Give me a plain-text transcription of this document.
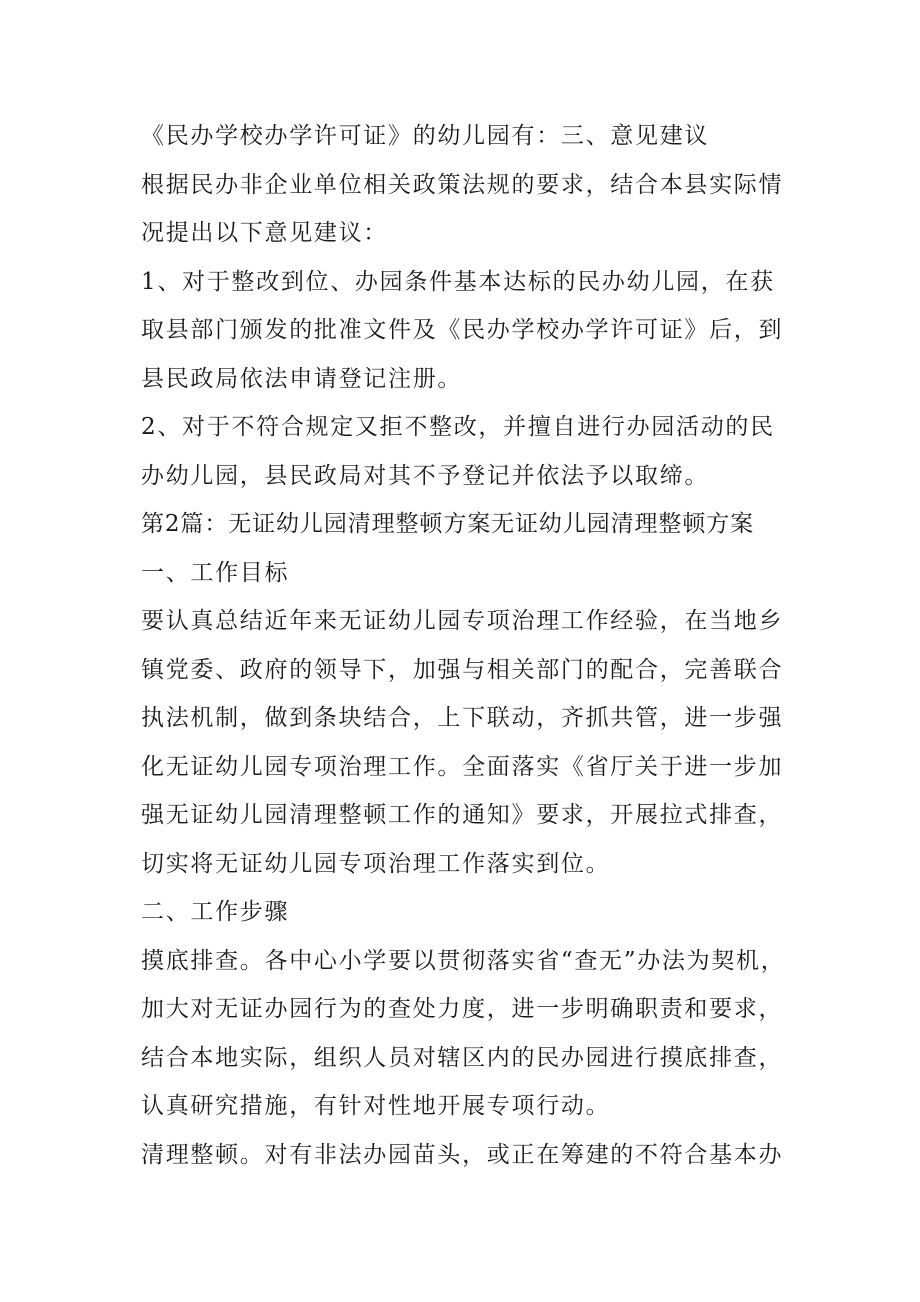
《民办学校办学许可证》的幼儿园有：三、意见建议
根据民办非企业单位相关政策法规的要求，结合本县实际情
况提出以下意见建议：
1、对于整改到位、办园条件基本达标的民办幼儿园，在获
取县部门颁发的批准文件及《民办学校办学许可证》后，到
县民政局依法申请登记注册。
2、对于不符合规定又拒不整改，并擅自进行办园活动的民
办幼儿园，县民政局对其不予登记并依法予以取缔。
第2篇：无证幼儿园清理整顿方案无证幼儿园清理整顿方案
一、工作目标
要认真总结近年来无证幼儿园专项治理工作经验，在当地乡
镇党委、政府的领导下，加强与相关部门的配合，完善联合
执法机制，做到条块结合，上下联动，齐抓共管，进一步强
化无证幼儿园专项治理工作。全面落实《省厅关于进一步加
强无证幼儿园清理整顿工作的通知》要求，开展拉式排查，
切实将无证幼儿园专项治理工作落实到位。
二、工作步骤
摸底排查。各中心小学要以贯彻落实省“查无”办法为契机，
加大对无证办园行为的查处力度，进一步明确职责和要求，
结合本地实际，组织人员对辖区内的民办园进行摸底排查，
认真研究措施，有针对性地开展专项行动。
清理整顿。对有非法办园苗头，或正在筹建的不符合基本办
